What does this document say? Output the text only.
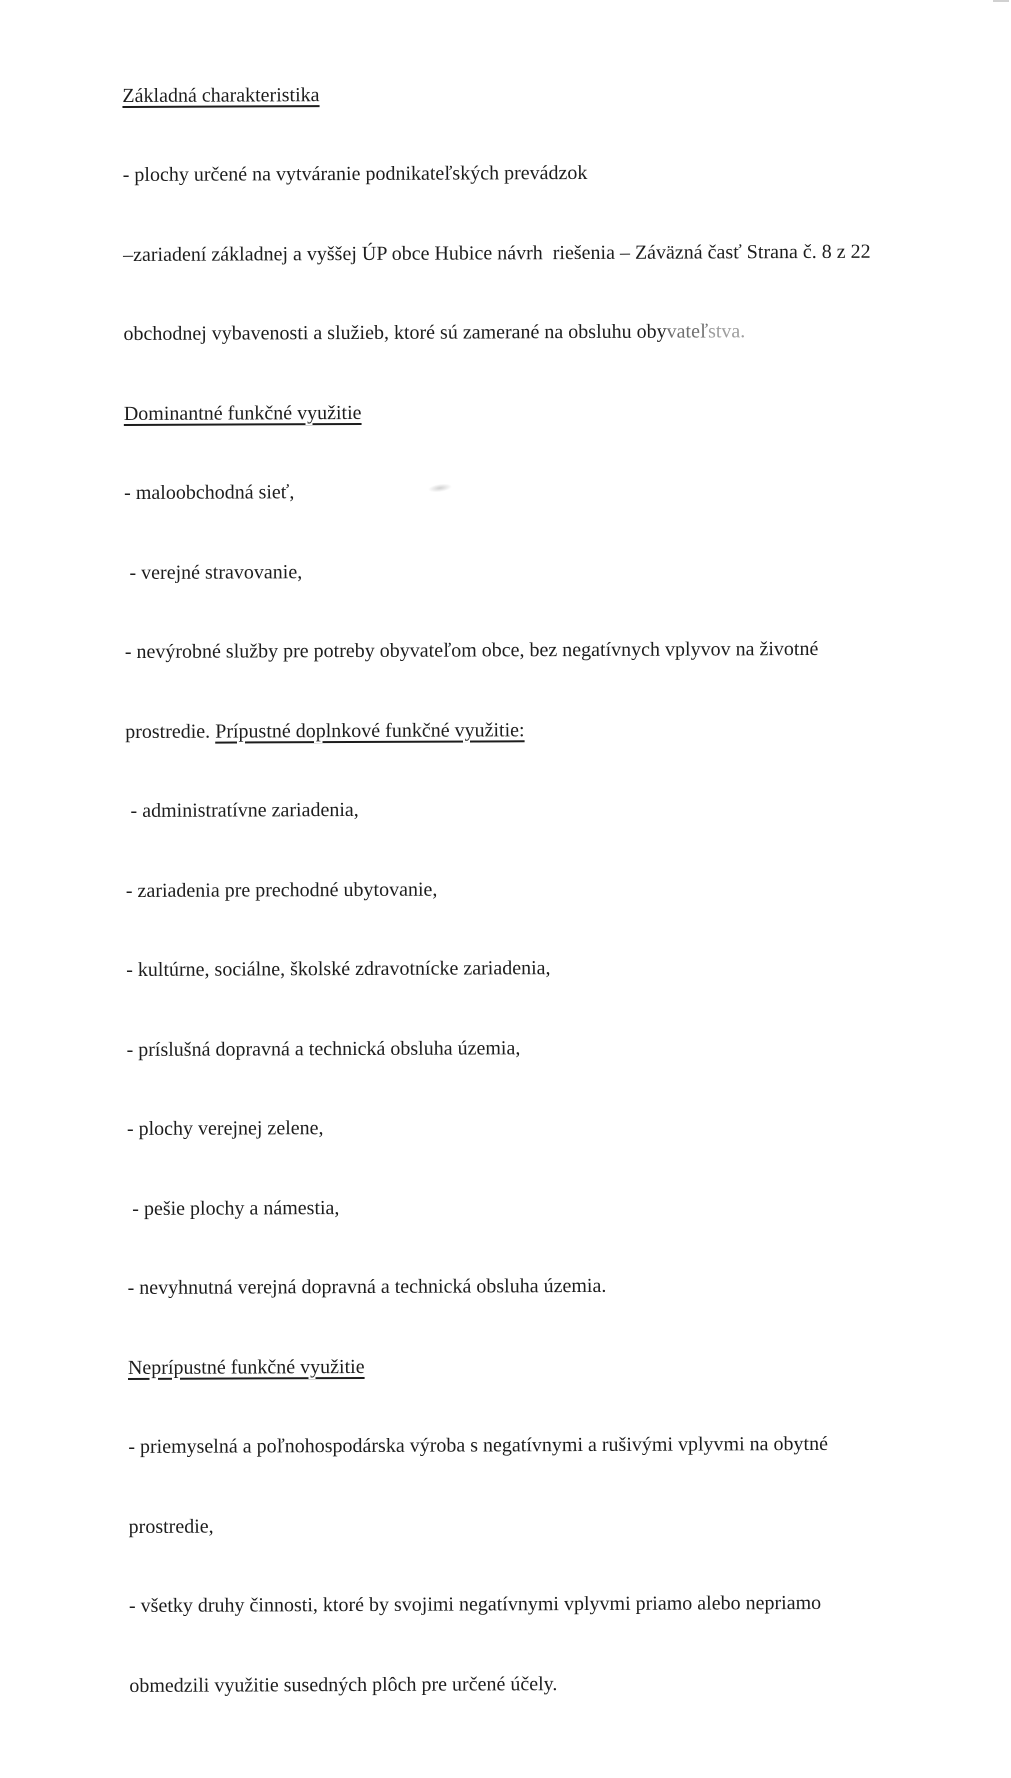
Základná charakteristika

- plochy určené na vytváranie podnikateľských prevádzok

–zariadení základnej a vyššej ÚP obce Hubice návrh  riešenia – Záväzná časť Strana č. 8 z 22

obchodnej vybavenosti a služieb, ktoré sú zamerané na obsluhu obyvateľstva.

Dominantné funkčné využitie

- maloobchodná sieť,

- verejné stravovanie,

- nevýrobné služby pre potreby obyvateľom obce, bez negatívnych vplyvov na životné

prostredie. Prípustné doplnkové funkčné využitie:

- administratívne zariadenia,

- zariadenia pre prechodné ubytovanie,

- kultúrne, sociálne, školské zdravotnícke zariadenia,

- príslušná dopravná a technická obsluha územia,

- plochy verejnej zelene,

- pešie plochy a námestia,

- nevyhnutná verejná dopravná a technická obsluha územia.

Neprípustné funkčné využitie

- priemyselná a poľnohospodárska výroba s negatívnymi a rušivými vplyvmi na obytné

prostredie,

- všetky druhy činnosti, ktoré by svojimi negatívnymi vplyvmi priamo alebo nepriamo

obmedzili využitie susedných plôch pre určené účely.
